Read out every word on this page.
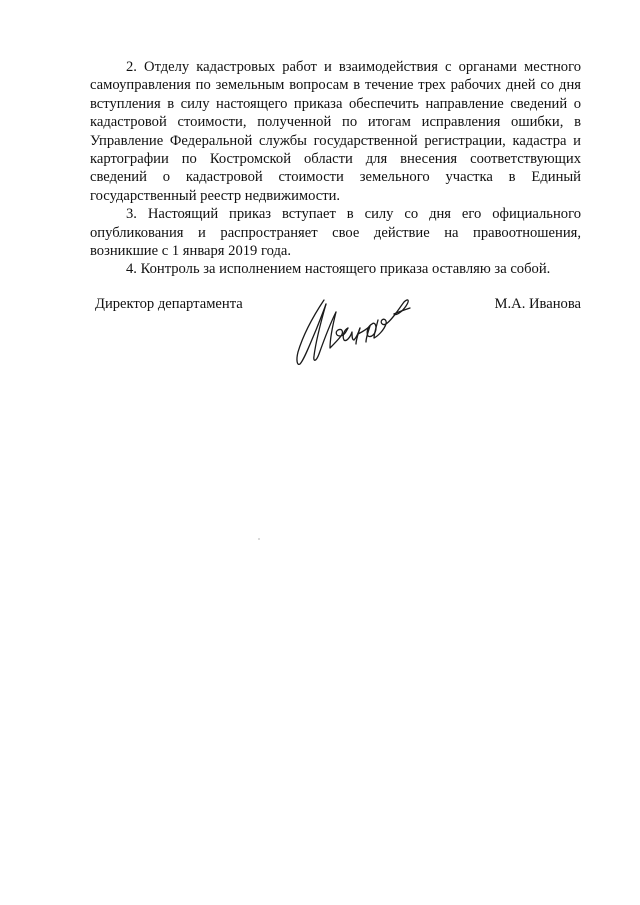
2. Отделу кадастровых работ и взаимодействия с органами местного самоуправления по земельным вопросам в течение трех рабочих дней со дня вступления в силу настоящего приказа обеспечить направление сведений о кадастровой стоимости, полученной по итогам исправления ошибки, в Управление Федеральной службы государственной регистрации, кадастра и картографии по Костромской области для внесения соответствующих сведений о кадастровой стоимости земельного участка в Единый государственный реестр недвижимости.

3. Настоящий приказ вступает в силу со дня его официального опубликования и распространяет свое действие на правоотношения, возникшие с 1 января 2019 года.

4. Контроль за исполнением настоящего приказа оставляю за собой.

Директор департамента	М.А. Иванова
